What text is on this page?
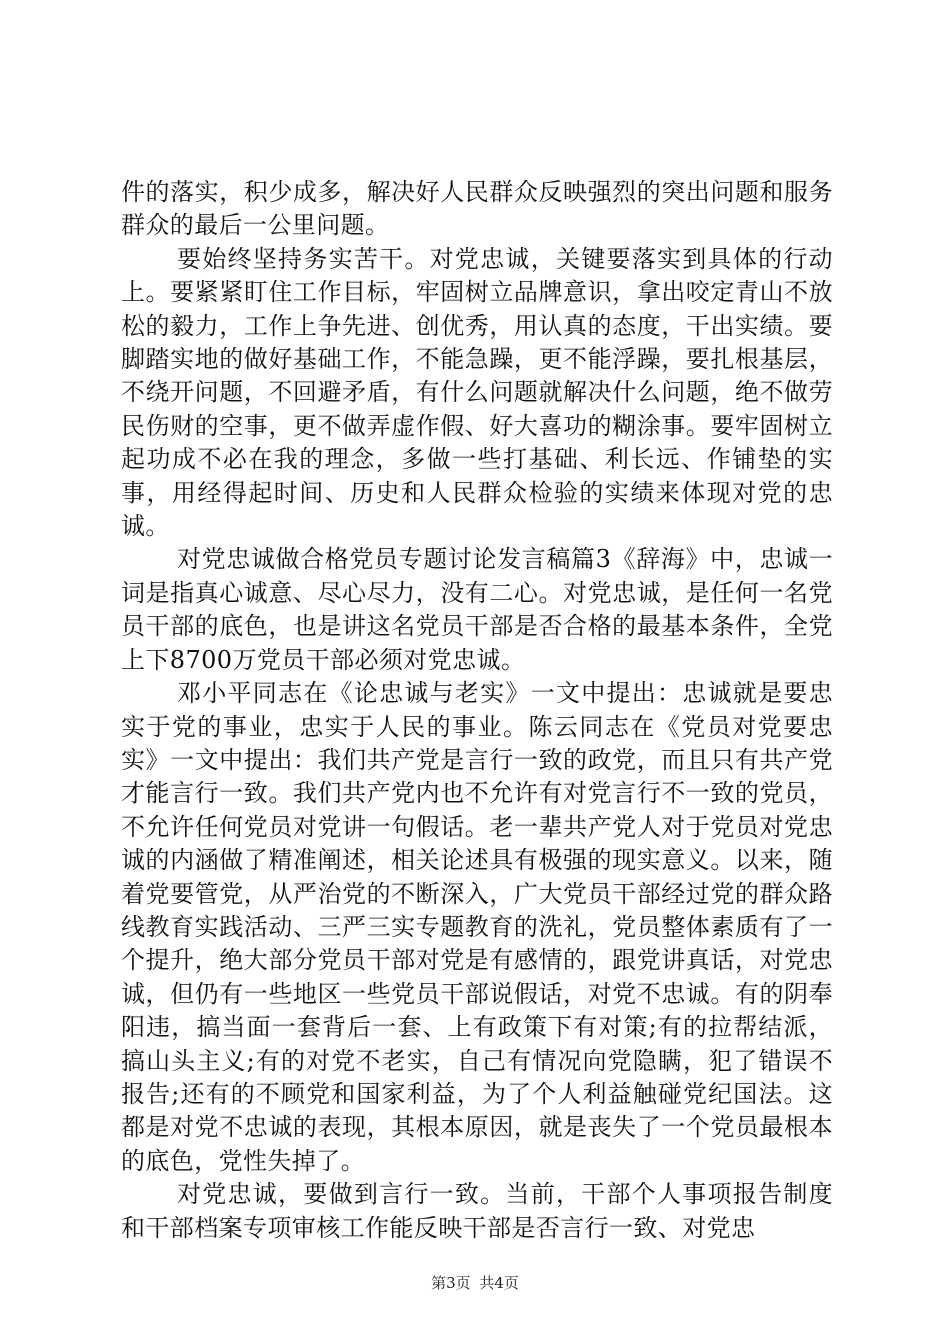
件的落实，积少成多，解决好人民群众反映强烈的突出问题和服务群众的最后一公里问题。

要始终坚持务实苦干。对党忠诚，关键要落实到具体的行动上。要紧紧盯住工作目标，牢固树立品牌意识，拿出咬定青山不放松的毅力，工作上争先进、创优秀，用认真的态度，干出实绩。要脚踏实地的做好基础工作，不能急躁，更不能浮躁，要扎根基层，不绕开问题，不回避矛盾，有什么问题就解决什么问题，绝不做劳民伤财的空事，更不做弄虚作假、好大喜功的糊涂事。要牢固树立起功成不必在我的理念，多做一些打基础、利长远、作铺垫的实事，用经得起时间、历史和人民群众检验的实绩来体现对党的忠诚。

对党忠诚做合格党员专题讨论发言稿篇3《辞海》中，忠诚一词是指真心诚意、尽心尽力，没有二心。对党忠诚，是任何一名党员干部的底色，也是讲这名党员干部是否合格的最基本条件，全党上下8700万党员干部必须对党忠诚。

邓小平同志在《论忠诚与老实》一文中提出：忠诚就是要忠实于党的事业，忠实于人民的事业。陈云同志在《党员对党要忠实》一文中提出：我们共产党是言行一致的政党，而且只有共产党才能言行一致。我们共产党内也不允许有对党言行不一致的党员，不允许任何党员对党讲一句假话。老一辈共产党人对于党员对党忠诚的内涵做了精准阐述，相关论述具有极强的现实意义。以来，随着党要管党，从严治党的不断深入，广大党员干部经过党的群众路线教育实践活动、三严三实专题教育的洗礼，党员整体素质有了一个提升，绝大部分党员干部对党是有感情的，跟党讲真话，对党忠诚，但仍有一些地区一些党员干部说假话，对党不忠诚。有的阴奉阳违，搞当面一套背后一套、上有政策下有对策;有的拉帮结派，搞山头主义;有的对党不老实，自己有情况向党隐瞒，犯了错误不报告;还有的不顾党和国家利益，为了个人利益触碰党纪国法。这都是对党不忠诚的表现，其根本原因，就是丧失了一个党员最根本的底色，党性失掉了。

对党忠诚，要做到言行一致。当前，干部个人事项报告制度和干部档案专项审核工作能反映干部是否言行一致、对党忠

第3页 共4页
